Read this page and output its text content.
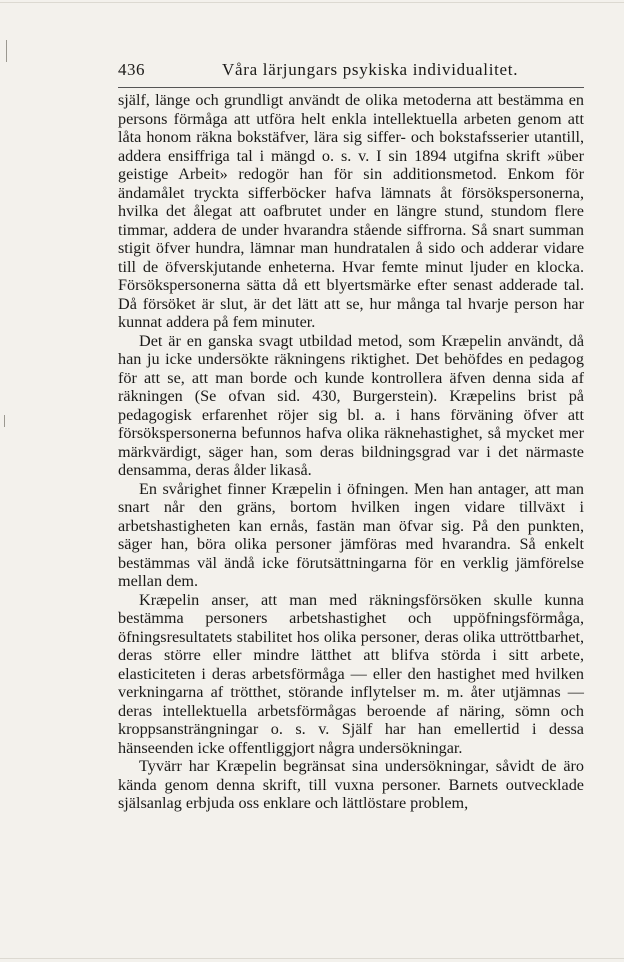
436	Våra lärjungars psykiska individualitet.

själf, länge och grundligt användt de olika metoderna att bestämma en persons förmåga att utföra helt enkla intellektuella arbeten genom att låta honom räkna bokstäfver, lära sig siffer- och bokstafsserier utantill, addera ensiffriga tal i mängd o. s. v. I sin 1894 utgifna skrift »über geistige Arbeit» redogör han för sin additionsmetod. Enkom för ändamålet tryckta sifferböcker hafva lämnats åt försökspersonerna, hvilka det ålegat att oafbrutet under en längre stund, stundom flere timmar, addera de under hvarandra stående siffrorna. Så snart summan stigit öfver hundra, lämnar man hundratalen å sido och adderar vidare till de öfverskjutande enheterna. Hvar femte minut ljuder en klocka. Försökspersonerna sätta då ett blyertsmärke efter senast adderade tal. Då försöket är slut, är det lätt att se, hur många tal hvarje person har kunnat addera på fem minuter.

Det är en ganska svagt utbildad metod, som Kræpelin användt, då han ju icke undersökte räkningens riktighet. Det behöfdes en pedagog för att se, att man borde och kunde kontrollera äfven denna sida af räkningen (Se ofvan sid. 430, Burgerstein). Kræpelins brist på pedagogisk erfarenhet röjer sig bl. a. i hans förväning öfver att försökspersonerna befunnos hafva olika räknehastighet, så mycket mer märkvärdigt, säger han, som deras bildningsgrad var i det närmaste densamma, deras ålder likaså.

En svårighet finner Kræpelin i öfningen. Men han antager, att man snart når den gräns, bortom hvilken ingen vidare tillväxt i arbetshastigheten kan ernås, fastän man öfvar sig. På den punkten, säger han, böra olika personer jämföras med hvarandra. Så enkelt bestämmas väl ändå icke förutsättningarna för en verklig jämförelse mellan dem.

Kræpelin anser, att man med räkningsförsöken skulle kunna bestämma personers arbetshastighet och uppöfningsförmåga, öfningsresultatets stabilitet hos olika personer, deras olika uttröttbarhet, deras större eller mindre lätthet att blifva störda i sitt arbete, elasticiteten i deras arbetsförmåga — eller den hastighet med hvilken verkningarna af trötthet, störande inflytelser m. m. åter utjämnas — deras intellektuella arbetsförmågas beroende af näring, sömn och kroppsansträngningar o. s. v. Själf har han emellertid i dessa hänseenden icke offentliggjort några undersökningar.

Tyvärr har Kræpelin begränsat sina undersökningar, såvidt de äro kända genom denna skrift, till vuxna personer. Barnets outvecklade själsanlag erbjuda oss enklare och lättlöstare problem,
